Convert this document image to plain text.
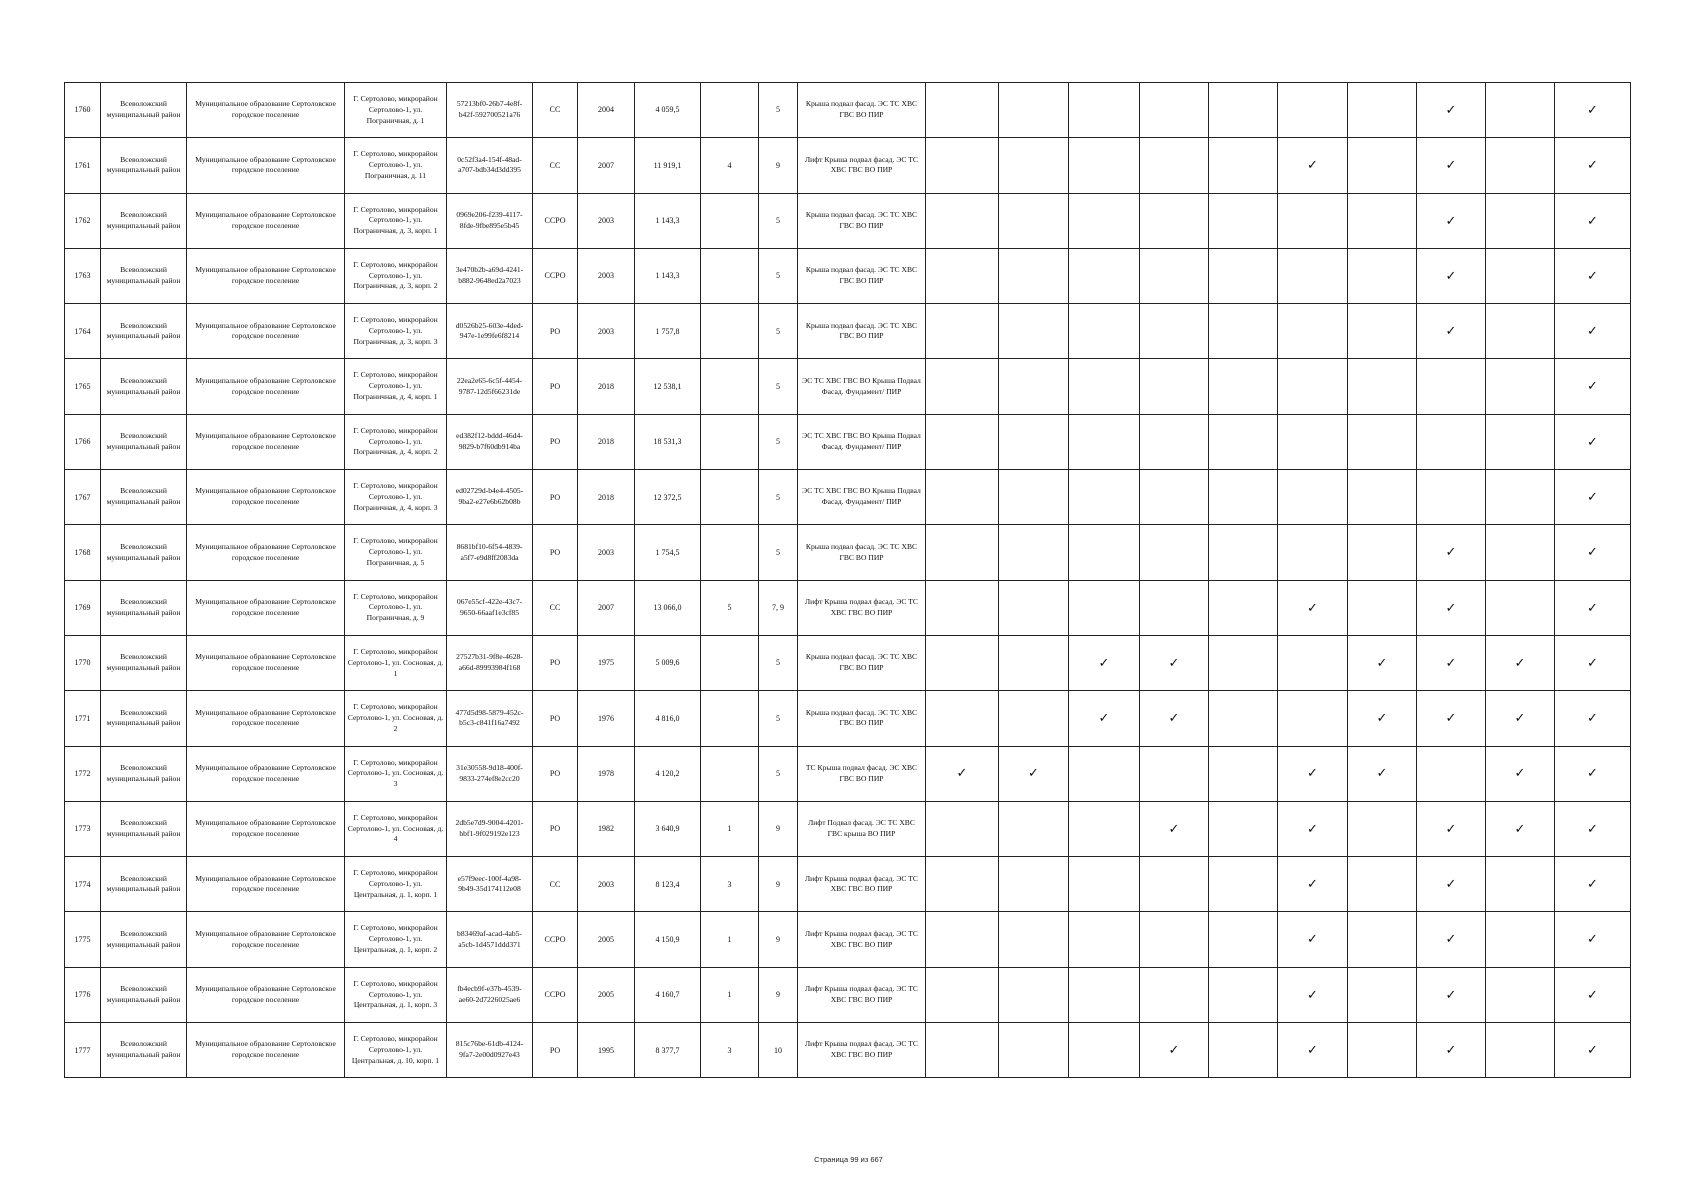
1760	Всеволожский муниципальный район	Муниципальное образование Сертоловское городское поселение	Г. Сертолово, микрорайон Сертолово-1, ул. Пограничная, д. 1	57213bf0-26b7-4e8f-b42f-592700521a76	СС	2004	4 059,5		5	Крыша подвал фасад. ЭС ТС ХВС ГВС ВО ПИР								✓		✓
1761	Всеволожский муниципальный район	Муниципальное образование Сертоловское городское поселение	Г. Сертолово, микрорайон Сертолово-1, ул. Пограничная, д. 11	0c52f3a4-154f-48ad-a707-bdb34d3dd395	СС	2007	11 919,1	4	9	Лифт Крыша подвал фасад. ЭС ТС ХВС ГВС ВО ПИР						✓		✓		✓
1762	Всеволожский муниципальный район	Муниципальное образование Сертоловское городское поселение	Г. Сертолово, микрорайон Сертолово-1, ул. Пограничная, д. 3, корп. 1	0969e206-f239-4117-8fde-9fbe895e5b45	ССРО	2003	1 143,3		5	Крыша подвал фасад. ЭС ТС ХВС ГВС ВО ПИР								✓		✓
1763	Всеволожский муниципальный район	Муниципальное образование Сертоловское городское поселение	Г. Сертолово, микрорайон Сертолово-1, ул. Пограничная, д. 3, корп. 2	3e470b2b-a69d-4241-b882-9648ed2a7023	ССРО	2003	1 143,3		5	Крыша подвал фасад. ЭС ТС ХВС ГВС ВО ПИР								✓		✓
1764	Всеволожский муниципальный район	Муниципальное образование Сертоловское городское поселение	Г. Сертолово, микрорайон Сертолово-1, ул. Пограничная, д. 3, корп. 3	d0526b25-603e-4ded-947e-1e99fe6f8214	РО	2003	1 757,8		5	Крыша подвал фасад. ЭС ТС ХВС ГВС ВО ПИР								✓		✓
1765	Всеволожский муниципальный район	Муниципальное образование Сертоловское городское поселение	Г. Сертолово, микрорайон Сертолово-1, ул. Пограничная, д. 4, корп. 1	22ea2e65-6c5f-4454-9787-12d5f66231de	РО	2018	12 538,1		5	ЭС ТС ХВС ГВС ВО Крыша Подвал Фасад. Фундамент/ ПИР										✓
1766	Всеволожский муниципальный район	Муниципальное образование Сертоловское городское поселение	Г. Сертолово, микрорайон Сертолово-1, ул. Пограничная, д. 4, корп. 2	ed382f12-bddd-46d4-9829-b7f60db914ba	РО	2018	18 531,3		5	ЭС ТС ХВС ГВС ВО Крыша Подвал Фасад. Фундамент/ ПИР										✓
1767	Всеволожский муниципальный район	Муниципальное образование Сертоловское городское поселение	Г. Сертолово, микрорайон Сертолово-1, ул. Пограничная, д. 4, корп. 3	ed02729d-b4e4-4505-9ba2-e27e6b62b08b	РО	2018	12 372,5		5	ЭС ТС ХВС ГВС ВО Крыша Подвал Фасад. Фундамент/ ПИР										✓
1768	Всеволожский муниципальный район	Муниципальное образование Сертоловское городское поселение	Г. Сертолово, микрорайон Сертолово-1, ул. Пограничная, д. 5	8681bf10-6f54-4839-a5f7-e9d8ff2083da	РО	2003	1 754,5		5	Крыша подвал фасад. ЭС ТС ХВС ГВС ВО ПИР								✓		✓
1769	Всеволожский муниципальный район	Муниципальное образование Сертоловское городское поселение	Г. Сертолово, микрорайон Сертолово-1, ул. Пограничная, д. 9	067e55cf-422e-43c7-9650-66aaf1e3cf85	СС	2007	13 066,0	5	7, 9	Лифт Крыша подвал фасад. ЭС ТС ХВС ГВС ВО ПИР						✓		✓		✓
1770	Всеволожский муниципальный район	Муниципальное образование Сертоловское городское поселение	Г. Сертолово, микрорайон Сертолово-1, ул. Сосновая, д. 1	27527b31-9f8e-4628-a66d-89993984f168	РО	1975	5 009,6		5	Крыша подвал фасад. ЭС ТС ХВС ГВС ВО ПИР			✓	✓			✓	✓	✓	✓
1771	Всеволожский муниципальный район	Муниципальное образование Сертоловское городское поселение	Г. Сертолово, микрорайон Сертолово-1, ул. Сосновая, д. 2	477d5d98-5879-452c-b5c3-c841f16a7492	РО	1976	4 816,0		5	Крыша подвал фасад. ЭС ТС ХВС ГВС ВО ПИР			✓	✓			✓	✓	✓	✓
1772	Всеволожский муниципальный район	Муниципальное образование Сертоловское городское поселение	Г. Сертолово, микрорайон Сертолово-1, ул. Сосновая, д. 3	31e30558-9d18-400f-9833-274ef8e2cc20	РО	1978	4 120,2		5	ТС Крыша подвал фасад. ЭС ХВС ГВС ВО ПИР	✓	✓				✓	✓		✓	✓
1773	Всеволожский муниципальный район	Муниципальное образование Сертоловское городское поселение	Г. Сертолово, микрорайон Сертолово-1, ул. Сосновая, д. 4	2db5e7d9-9004-4201-bbf1-9f029192e123	РО	1982	3 640,9	1	9	Лифт Подвал фасад. ЭС ТС ХВС ГВС крыша ВО ПИР				✓		✓		✓	✓	✓
1774	Всеволожский муниципальный район	Муниципальное образование Сертоловское городское поселение	Г. Сертолово, микрорайон Сертолово-1, ул. Центральная, д. 1, корп. 1	e57f9eec-100f-4a98-9b49-35d174112e08	СС	2003	8 123,4	3	9	Лифт Крыша подвал фасад. ЭС ТС ХВС ГВС ВО ПИР						✓		✓		✓
1775	Всеволожский муниципальный район	Муниципальное образование Сертоловское городское поселение	Г. Сертолово, микрорайон Сертолово-1, ул. Центральная, д. 1, корп. 2	b83469af-acad-4ab5-a5cb-1d4571ddd371	ССРО	2005	4 150,9	1	9	Лифт Крыша подвал фасад. ЭС ТС ХВС ГВС ВО ПИР						✓		✓		✓
1776	Всеволожский муниципальный район	Муниципальное образование Сертоловское городское поселение	Г. Сертолово, микрорайон Сертолово-1, ул. Центральная, д. 1, корп. 3	fb4ecb9f-e37b-4539-ae60-2d7226025ae6	ССРО	2005	4 160,7	1	9	Лифт Крыша подвал фасад. ЭС ТС ХВС ГВС ВО ПИР						✓		✓		✓
1777	Всеволожский муниципальный район	Муниципальное образование Сертоловское городское поселение	Г. Сертолово, микрорайон Сертолово-1, ул. Центральная, д. 10, корп. 1	815c76be-61db-4124-9fa7-2e00d0927e43	РО	1995	8 377,7	3	10	Лифт Крыша подвал фасад. ЭС ТС ХВС ГВС ВО ПИР				✓		✓		✓		✓
Страница 99 из 667
